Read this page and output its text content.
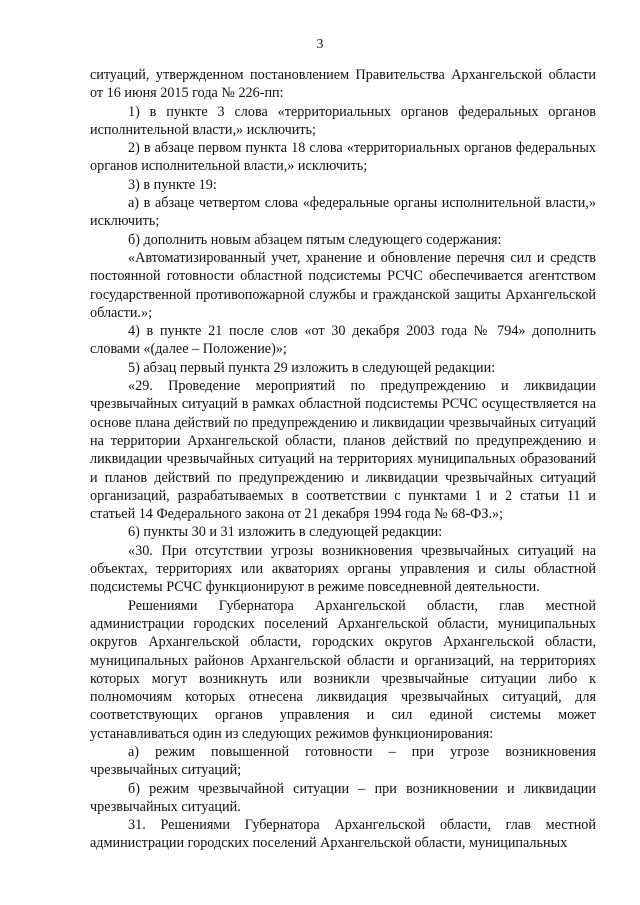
3

ситуаций, утвержденном постановлением Правительства Архангельской области от 16 июня 2015 года № 226-пп:

1) в пункте 3 слова «территориальных органов федеральных органов исполнительной власти,» исключить;

2) в абзаце первом пункта 18 слова «территориальных органов федеральных органов исполнительной власти,» исключить;

3) в пункте 19:

а) в абзаце четвертом слова «федеральные органы исполнительной власти,» исключить;

б) дополнить новым абзацем пятым следующего содержания:

«Автоматизированный учет, хранение и обновление перечня сил и средств постоянной готовности областной подсистемы РСЧС обеспечивается агентством государственной противопожарной службы и гражданской защиты Архангельской области.»;

4) в пункте 21 после слов «от 30 декабря 2003 года № 794» дополнить словами «(далее – Положение)»;

5) абзац первый пункта 29 изложить в следующей редакции:

«29. Проведение мероприятий по предупреждению и ликвидации чрезвычайных ситуаций в рамках областной подсистемы РСЧС осуществляется на основе плана действий по предупреждению и ликвидации чрезвычайных ситуаций на территории Архангельской области, планов действий по предупреждению и ликвидации чрезвычайных ситуаций на территориях муниципальных образований и планов действий по предупреждению и ликвидации чрезвычайных ситуаций организаций, разрабатываемых в соответствии с пунктами 1 и 2 статьи 11 и статьей 14 Федерального закона от 21 декабря 1994 года № 68-ФЗ.»;

6) пункты 30 и 31 изложить в следующей редакции:

«30. При отсутствии угрозы возникновения чрезвычайных ситуаций на объектах, территориях или акваториях органы управления и силы областной подсистемы РСЧС функционируют в режиме повседневной деятельности.

Решениями Губернатора Архангельской области, глав местной администрации городских поселений Архангельской области, муниципальных округов Архангельской области, городских округов Архангельской области, муниципальных районов Архангельской области и организаций, на территориях которых могут возникнуть или возникли чрезвычайные ситуации либо к полномочиям которых отнесена ликвидация чрезвычайных ситуаций, для соответствующих органов управления и сил единой системы может устанавливаться один из следующих режимов функционирования:

а) режим повышенной готовности – при угрозе возникновения чрезвычайных ситуаций;

б) режим чрезвычайной ситуации – при возникновении и ликвидации чрезвычайных ситуаций.

31. Решениями Губернатора Архангельской области, глав местной администрации городских поселений Архангельской области, муниципальных
